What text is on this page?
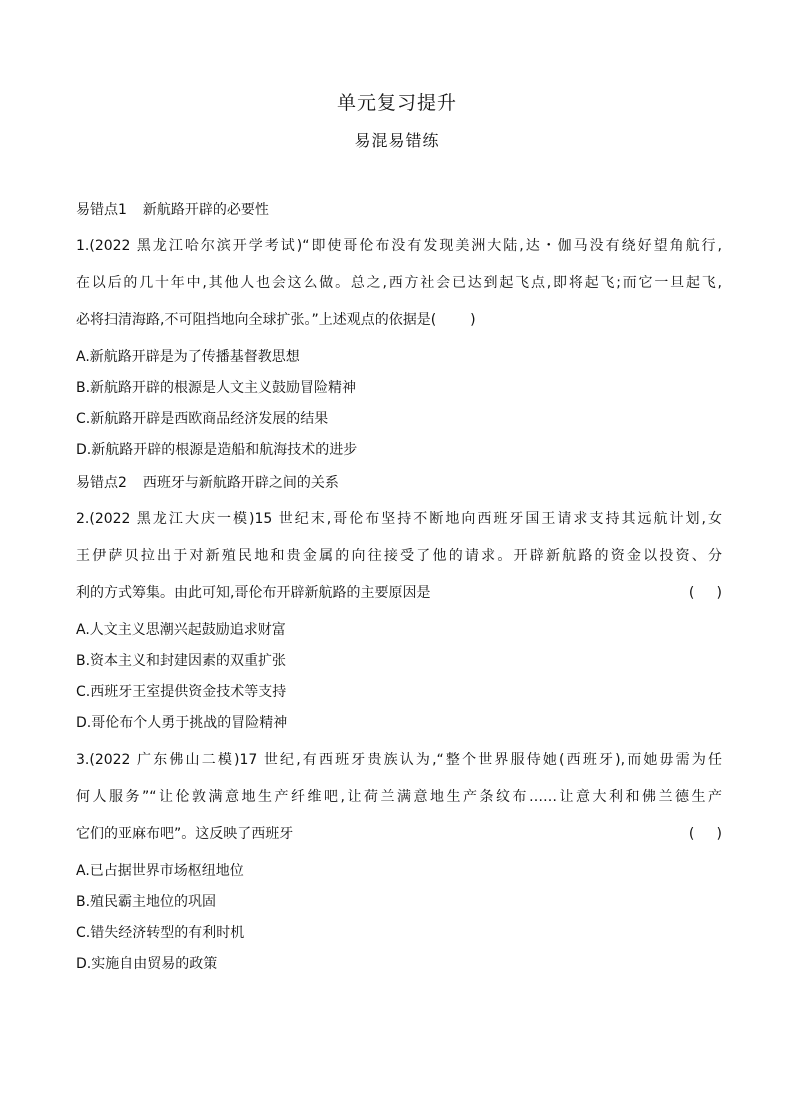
单元复习提升
易混易错练
易错点1 新航路开辟的必要性
1.(2022 黑龙江哈尔滨开学考试)“即使哥伦布没有发现美洲大陆,达・伽马没有绕好望角航行,
在以后的几十年中,其他人也会这么做。总之,西方社会已达到起飞点,即将起飞;而它一旦起飞,
必将扫清海路,不可阻挡地向全球扩张。”上述观点的依据是( )
A.新航路开辟是为了传播基督教思想
B.新航路开辟的根源是人文主义鼓励冒险精神
C.新航路开辟是西欧商品经济发展的结果
D.新航路开辟的根源是造船和航海技术的进步
易错点2 西班牙与新航路开辟之间的关系
2.(2022 黑龙江大庆一模)15 世纪末,哥伦布坚持不断地向西班牙国王请求支持其远航计划,女
王伊萨贝拉出于对新殖民地和贵金属的向往接受了他的请求。开辟新航路的资金以投资、分
利的方式筹集。由此可知,哥伦布开辟新航路的主要原因是	(     )
A.人文主义思潮兴起鼓励追求财富
B.资本主义和封建因素的双重扩张
C.西班牙王室提供资金技术等支持
D.哥伦布个人勇于挑战的冒险精神
3.(2022 广东佛山二模)17 世纪,有西班牙贵族认为,“整个世界服侍她(西班牙),而她毋需为任
何人服务”“让伦敦满意地生产纤维吧,让荷兰满意地生产条纹布……让意大利和佛兰德生产
它们的亚麻布吧”。这反映了西班牙	(     )
A.已占据世界市场枢纽地位
B.殖民霸主地位的巩固
C.错失经济转型的有利时机
D.实施自由贸易的政策
